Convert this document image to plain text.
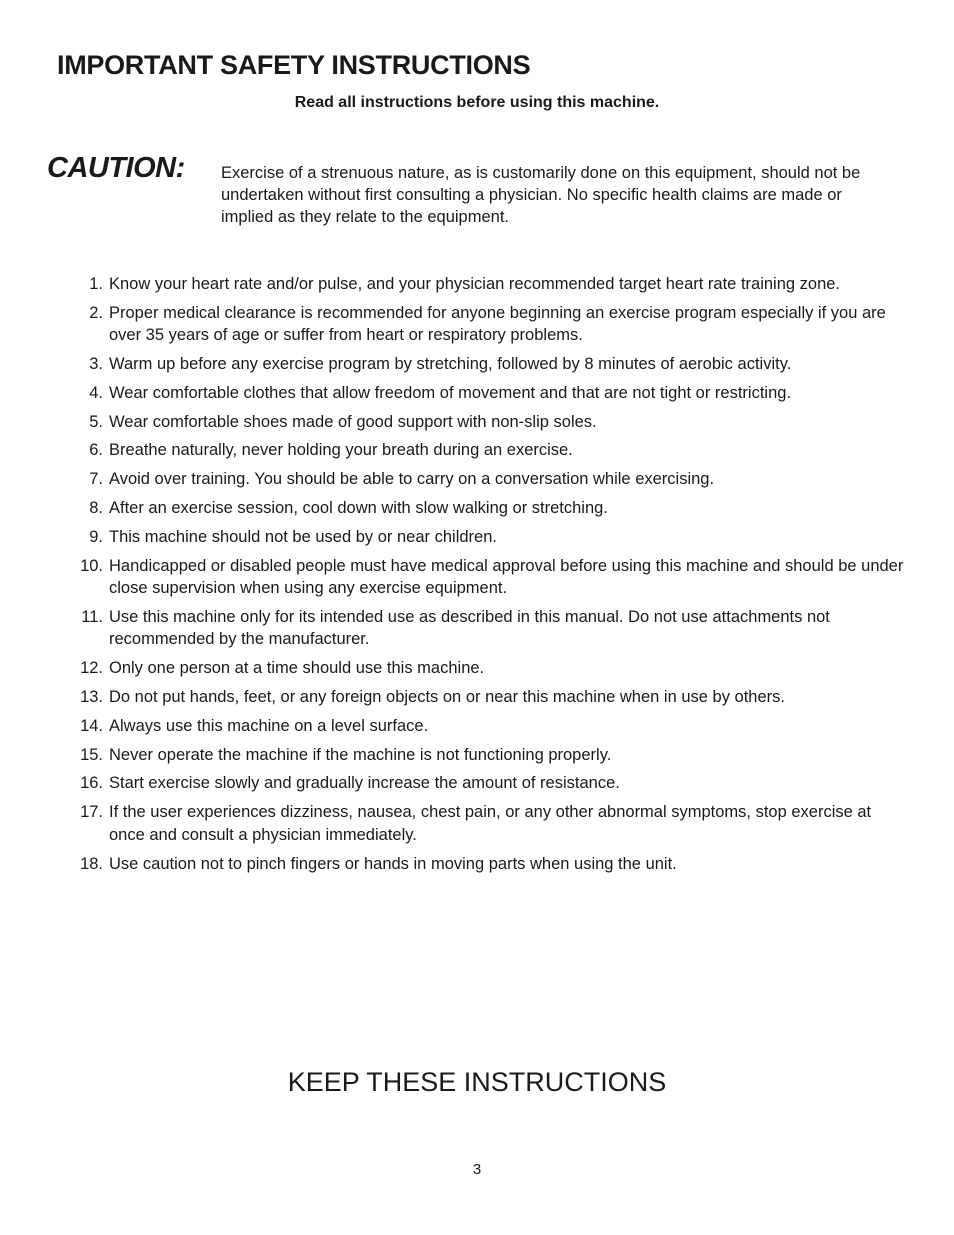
IMPORTANT SAFETY INSTRUCTIONS
Read all instructions before using this machine.
CAUTION: Exercise of a strenuous nature, as is customarily done on this equipment, should not be undertaken without first consulting a physician. No specific health claims are made or implied as they relate to the equipment.
1. Know your heart rate and/or pulse, and your physician recommended target heart rate training zone.
2. Proper medical clearance is recommended for anyone beginning an exercise program especially if you are over 35 years of age or suffer from heart or respiratory problems.
3. Warm up before any exercise program by stretching, followed by 8 minutes of aerobic activity.
4. Wear comfortable clothes that allow freedom of movement and that are not tight or restricting.
5. Wear comfortable shoes made of good support with non-slip soles.
6. Breathe naturally, never holding your breath during an exercise.
7. Avoid over training. You should be able to carry on a conversation while exercising.
8. After an exercise session, cool down with slow walking or stretching.
9. This machine should not be used by or near children.
10. Handicapped or disabled people must have medical approval before using this machine and should be under close supervision when using any exercise equipment.
11. Use this machine only for its intended use as described in this manual. Do not use attachments not recommended by the manufacturer.
12. Only one person at a time should use this machine.
13. Do not put hands, feet, or any foreign objects on or near this machine when in use by others.
14. Always use this machine on a level surface.
15. Never operate the machine if the machine is not functioning properly.
16. Start exercise slowly and gradually increase the amount of resistance.
17. If the user experiences dizziness, nausea, chest pain, or any other abnormal symptoms, stop exercise at once and consult a physician immediately.
18. Use caution not to pinch fingers or hands in moving parts when using the unit.
KEEP THESE INSTRUCTIONS
3
